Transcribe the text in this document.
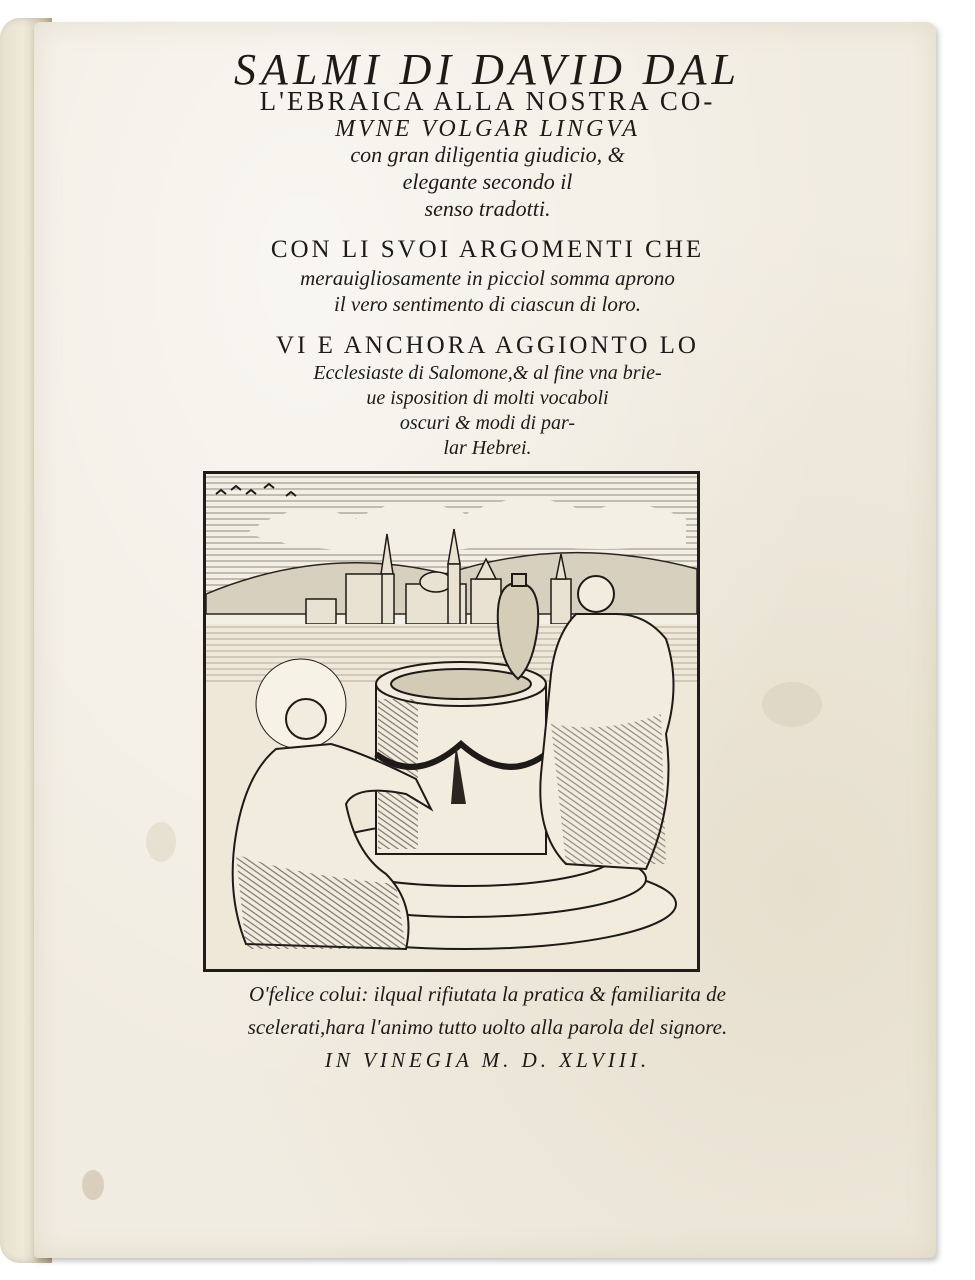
SALMI DI DAVID DAL
L'EBRAICA ALLA NOSTRA CO-
MVNE VOLGAR LINGVA
con gran diligentia giudicio, &
elegante secondo il
senso tradotti.
CON LI SVOI ARGOMENTI CHE
merauigliosamente in picciol somma aprono
il vero sentimento di ciascun di loro.
VI E ANCHORA AGGIONTO LO
Ecclesiaste di Salomone,& al fine vna brie-
ue isposition di molti vocaboli
oscuri & modi di par-
lar Hebrei.
O'felice colui: ilqual rifiutata la pratica & familiarita de
scelerati,hara l'animo tutto uolto alla parola del signore.
IN VINEGIA M. D. XLVIII.
